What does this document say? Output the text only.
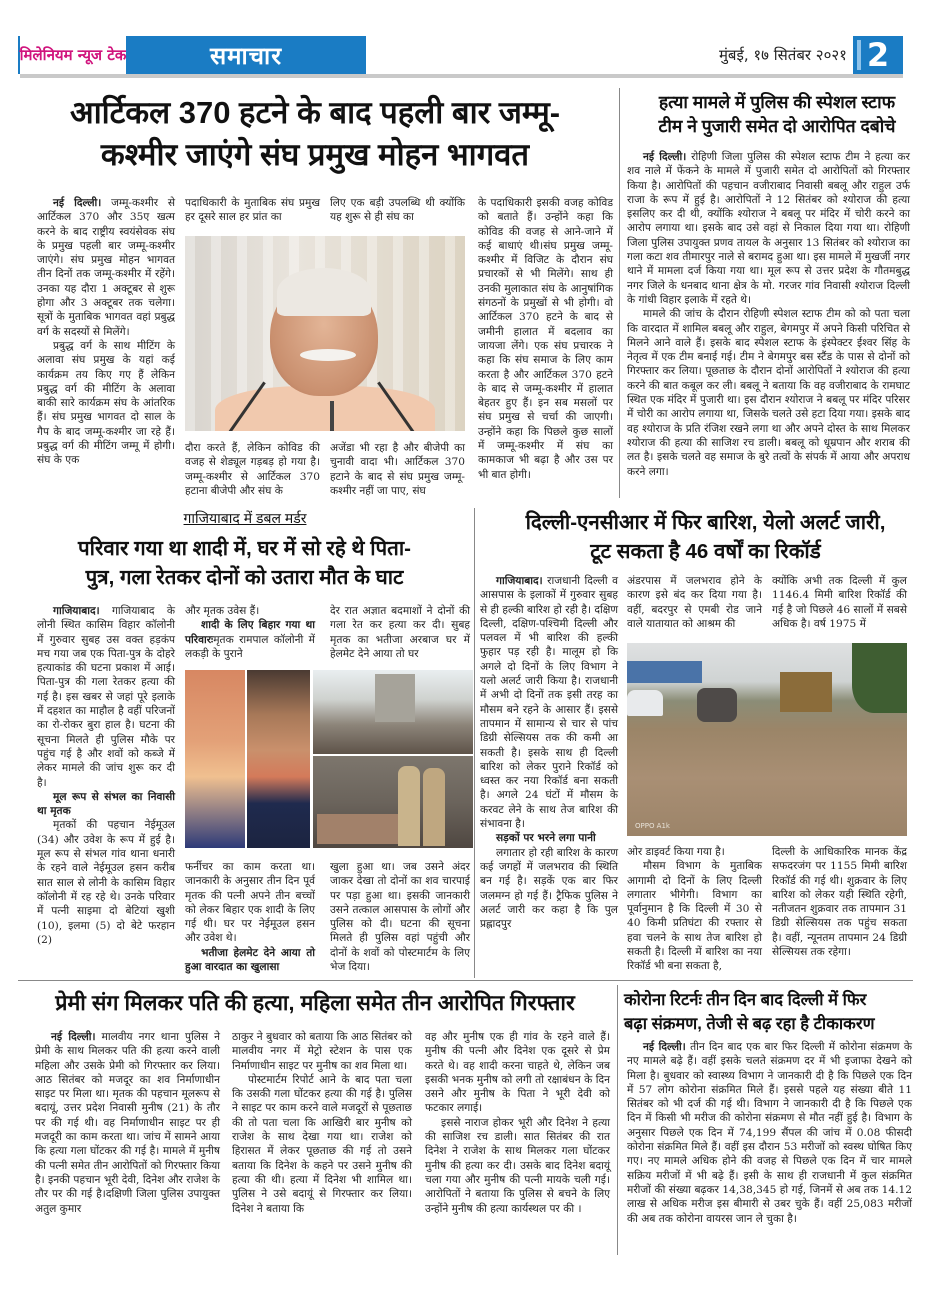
मिलेनियम न्यूज टेक	समाचार	मुंबई, १७ सितंबर २०२१ 2
आर्टिकल 370 हटने के बाद पहली बार जम्मू-
कश्मीर जाएंगे संघ प्रमुख मोहन भागवत

नई दिल्ली। जम्मू-कश्मीर से आर्टिकल 370 और 35ए खत्म करने के बाद राष्ट्रीय स्वयंसेवक संघ के प्रमुख पहली बार जम्मू-कश्मीर जाएंगे। संघ प्रमुख मोहन भागवत तीन दिनों तक जम्मू-कश्मीर में रहेंगे। उनका यह दौरा 1 अक्टूबर से शुरू होगा और 3 अक्टूबर तक चलेगा। सूत्रों के मुताबिक भागवत वहां प्रबुद्ध वर्ग के सदस्यों से मिलेंगे।

प्रबुद्ध वर्ग के साथ मीटिंग के अलावा संघ प्रमुख के यहां कई कार्यक्रम तय किए गए हैं लेकिन प्रबुद्ध वर्ग की मीटिंग के अलावा बाकी सारे कार्यक्रम संघ के आंतरिक हैं। संघ प्रमुख भागवत दो साल के गैप के बाद जम्मू-कश्मीर जा रहे हैं। प्रबुद्ध वर्ग की मीटिंग जम्मू में होगी। संघ के एक

पदाधिकारी के मुताबिक संघ प्रमुख हर दूसरे साल हर प्रांत का
लिए एक बड़ी उपलब्धि थी क्योंकि यह शुरू से ही संघ का
दौरा करते हैं, लेकिन कोविड की वजह से शेड्यूल गड़बड़ हो गया है। जम्मू-कश्मीर से आर्टिकल 370 हटाना बीजेपी और संघ के
अजेंडा भी रहा है और बीजेपी का चुनावी वादा भी। आर्टिकल 370 हटाने के बाद से संघ प्रमुख जम्मू-कश्मीर नहीं जा पाए, संघ
के पदाधिकारी इसकी वजह कोविड को बताते हैं। उन्होंने कहा कि कोविड की वजह से आने-जाने में कई बाधाएं थी।संघ प्रमुख जम्मू-कश्मीर में विजिट के दौरान संघ प्रचारकों से भी मिलेंगे। साथ ही उनकी मुलाकात संघ के आनुषांगिक संगठनों के प्रमुखों से भी होगी। वो आर्टिकल 370 हटने के बाद से जमीनी हालात में बदलाव का जायजा लेंगे। एक संघ प्रचारक ने कहा कि संघ समाज के लिए काम करता है और आर्टिकल 370 हटने के बाद से जम्मू-कश्मीर में हालात बेहतर हुए हैं। इन सब मसलों पर संघ प्रमुख से चर्चा की जाएगी। उन्होंने कहा कि पिछले कुछ सालों में जम्मू-कश्मीर में संघ का कामकाज भी बढ़ा है और उस पर भी बात होगी।
हत्या मामले में पुलिस की स्पेशल स्टाफ
टीम ने पुजारी समेत दो आरोपित दबोचे

नई दिल्ली। रोहिणी जिला पुलिस की स्पेशल स्टाफ टीम ने हत्या कर शव नाले में फेंकने के मामले में पुजारी समेत दो आरोपितों को गिरफ्तार किया है। आरोपितों की पहचान वजीराबाद निवासी बबलू और राहुल उर्फ राजा के रूप में हुई है। आरोपितों ने 12 सितंबर को श्योराज की हत्या इसलिए कर दी थी, क्योंकि श्योराज ने बबलू पर मंदिर में चोरी करने का आरोप लगाया था। इसके बाद उसे वहां से निकाल दिया गया था। रोहिणी जिला पुलिस उपायुक्त प्रणव तायल के अनुसार 13 सितंबर को श्योराज का गला कटा शव तीमारपुर नाले से बरामद हुआ था। इस मामले में मुखर्जी नगर थाने में मामला दर्ज किया गया था। मूल रूप से उत्तर प्रदेश के गौतमबुद्ध नगर जिले के धनबाद थाना क्षेत्र के मो. गरजर गांव निवासी श्योराज दिल्ली के गांधी विहार इलाके में रहते थे।

मामले की जांच के दौरान रोहिणी स्पेशल स्टाफ टीम को को पता चला कि वारदात में शामिल बबलू और राहुल, बेगमपुर में अपने किसी परिचित से मिलने आने वाले हैं। इसके बाद स्पेशल स्टाफ के इंस्पेक्टर ईश्वर सिंह के नेतृत्व में एक टीम बनाई गई। टीम ने बेगमपुर बस स्टैंड के पास से दोनों को गिरफ्तार कर लिया। पूछताछ के दौरान दोनों आरोपितों ने श्योराज की हत्या करने की बात कबूल कर ली। बबलू ने बताया कि वह वजीराबाद के रामघाट स्थित एक मंदिर में पुजारी था। इस दौरान श्योराज ने बबलू पर मंदिर परिसर में चोरी का आरोप लगाया था, जिसके चलते उसे हटा दिया गया। इसके बाद वह श्योराज के प्रति रंजिश रखने लगा था और अपने दोस्त के साथ मिलकर श्योराज की हत्या की साजिश रच डाली। बबलू को धूम्रपान और शराब की लत है। इसके चलते वह समाज के बुरे तत्वों के संपर्क में आया और अपराध करने लगा।

गाजियाबाद में डबल मर्डर
परिवार गया था शादी में, घर में सो रहे थे पिता-
पुत्र, गला रेतकर दोनों को उतारा मौत के घाट

गाजियाबाद। गाजियाबाद के लोनी स्थित कासिम विहार कॉलोनी में गुरुवार सुबह उस वक्त हड़कंप मच गया जब एक पिता-पुत्र के दोहरे हत्याकांड की घटना प्रकाश में आई। पिता-पुत्र की गला रेतकर हत्या की गई है। इस खबर से जहां पूरे इलाके में दहशत का माहौल है वहीं परिजनों का रो-रोकर बुरा हाल है। घटना की सूचना मिलते ही पुलिस मौके पर पहुंच गई है और शवों को कब्जे में लेकर मामले की जांच शुरू कर दी है।

मूल रूप से संभल का निवासी था मृतक

मृतकों की पहचान नेईमूउल (34) और उवेश के रूप में हुई है। मूल रूप से संभल गांव थाना धनारी के रहने वाले नेईमूउल हसन करीब सात साल से लोनी के कासिम विहार कॉलोनी में रह रहे थे। उनके परिवार में पत्नी साइमा दो बेटियां खुशी (10), इलमा (5) दो बेटे फरहान (2)

और मृतक उवेस हैं।

शादी के लिए बिहार गया था परिवारःमृतक रामपाल कॉलोनी में लकड़ी के पुराने

देर रात अज्ञात बदमाशों ने दोनों की गला रेत कर हत्या कर दी। सुबह मृतक का भतीजा अरबाज घर में हेलमेट देने आया तो घर
फर्नीचर का काम करता था। जानकारी के अनुसार तीन दिन पूर्व मृतक की पत्नी अपने तीन बच्चों को लेकर बिहार एक शादी के लिए गई थी। घर पर नेईमूउल हसन और उवेश थे।

भतीजा हेलमेट देने आया तो हुआ वारदात का खुलासा

खुला हुआ था। जब उसने अंदर जाकर देखा तो दोनों का शव चारपाई पर पड़ा हुआ था। इसकी जानकारी उसने तत्काल आसपास के लोगों और पुलिस को दी। घटना की सूचना मिलते ही पुलिस वहां पहुंची और दोनों के शवों को पोस्टमार्टम के लिए भेज दिया।
दिल्ली-एनसीआर में फिर बारिश, येलो अलर्ट जारी,
टूट सकता है 46 वर्षों का रिकॉर्ड

गाजियाबाद। राजधानी दिल्ली व आसपास के इलाकों में गुरुवार सुबह से ही हल्की बारिश हो रही है। दक्षिण दिल्ली, दक्षिण-पश्चिमी दिल्ली और पलवल में भी बारिश की हल्की फुहार पड़ रही है। मालूम हो कि अगले दो दिनों के लिए विभाग ने यलो अलर्ट जारी किया है। राजधानी में अभी दो दिनों तक इसी तरह का मौसम बने रहने के आसार हैं। इससे तापमान में सामान्य से चार से पांच डिग्री सेल्सियस तक की कमी आ सकती है। इसके साथ ही दिल्ली बारिश को लेकर पुराने रिकॉर्ड को ध्वस्त कर नया रिकॉर्ड बना सकती है। अगले 24 घंटों में मौसम के करवट लेने के साथ तेज बारिश की संभावना है।

सड़कों पर भरने लगा पानी

लगातार हो रही बारिश के कारण कई जगहों में जलभराव की स्थिति बन गई है। सड़कें एक बार फिर जलमग्न हो गई हैं। ट्रैफिक पुलिस ने अलर्ट जारी कर कहा है कि पुल प्रह्लादपुर

अंडरपास में जलभराव होने के कारण इसे बंद कर दिया गया है। वहीं, बदरपुर से एमबी रोड जाने वाले यातायात को आश्रम की
क्योंकि अभी तक दिल्ली में कुल 1146.4 मिमी बारिश रिकॉर्ड की गई है जो पिछले 46 सालों में सबसे अधिक है। वर्ष 1975 में
OPPO A1k
ओर डाइवर्ट किया गया है।

मौसम विभाग के मुताबिक आगामी दो दिनों के लिए दिल्ली लगातार भीगेगी। विभाग का पूर्वानुमान है कि दिल्ली में 30 से 40 किमी प्रतिघंटा की रफ्तार से हवा चलने के साथ तेज बारिश हो सकती है। दिल्ली में बारिश का नया रिकॉर्ड भी बना सकता है,

दिल्ली के आधिकारिक मानक केंद्र सफदरजंग पर 1155 मिमी बारिश रिकॉर्ड की गई थी। शुक्रवार के लिए बारिश को लेकर यही स्थिति रहेगी, नतीजतन शुक्रवार तक तापमान 31 डिग्री सेल्सियस तक पहुंच सकता है। वहीं, न्यूनतम तापमान 24 डिग्री सेल्सियस तक रहेगा।
प्रेमी संग मिलकर पति की हत्या, महिला समेत तीन आरोपित गिरफ्तार

नई दिल्ली। मालवीय नगर थाना पुलिस ने प्रेमी के साथ मिलकर पति की हत्या करने वाली महिला और उसके प्रेमी को गिरफ्तार कर लिया। आठ सितंबर को मजदूर का शव निर्माणाधीन साइट पर मिला था। मृतक की पहचान मूलरूप से बदायूं, उत्तर प्रदेश निवासी मुनीष (21) के तौर पर की गई थी। वह निर्माणाधीन साइट पर ही मजदूरी का काम करता था। जांच में सामने आया कि हत्या गला घोंटकर की गई है। मामले में मुनीष की पत्नी समेत तीन आरोपितों को गिरफ्तार किया है। इनकी पहचान भूरी देवी, दिनेश और राजेश के तौर पर की गई है।दक्षिणी जिला पुलिस उपायुक्त अतुल कुमार

ठाकुर ने बुधवार को बताया कि आठ सितंबर को मालवीय नगर में मेट्रो स्टेशन के पास एक निर्माणाधीन साइट पर मुनीष का शव मिला था।

पोस्टमार्टम रिपोर्ट आने के बाद पता चला कि उसकी गला घोंटकर हत्या की गई है। पुलिस ने साइट पर काम करने वाले मजदूरों से पूछताछ की तो पता चला कि आखिरी बार मुनीष को राजेश के साथ देखा गया था। राजेश को हिरासत में लेकर पूछताछ की गई तो उसने बताया कि दिनेश के कहने पर उसने मुनीष की हत्या की थी। हत्या में दिनेश भी शामिल था। पुलिस ने उसे बदायूं से गिरफ्तार कर लिया। दिनेश ने बताया कि

वह और मुनीष एक ही गांव के रहने वाले हैं। मुनीष की पत्नी और दिनेश एक दूसरे से प्रेम करते थे। वह शादी करना चाहते थे, लेकिन जब इसकी भनक मुनीष को लगी तो रक्षाबंधन के दिन उसने और मुनीष के पिता ने भूरी देवी को फटकार लगाई।

इससे नाराज होकर भूरी और दिनेश ने हत्या की साजिश रच डाली। सात सितंबर की रात दिनेश ने राजेश के साथ मिलकर गला घोंटकर मुनीष की हत्या कर दी। उसके बाद दिनेश बदायूं चला गया और मुनीष की पत्नी मायके चली गई। आरोपितों ने बताया कि पुलिस से बचने के लिए उन्होंने मुनीष की हत्या कार्यस्थल पर की ।

कोरोना रिटर्नः तीन दिन बाद दिल्ली में फिर
बढ़ा संक्रमण, तेजी से बढ़ रहा है टीकाकरण

नई दिल्ली। तीन दिन बाद एक बार फिर दिल्ली में कोरोना संक्रमण के नए मामले बढ़े हैं। वहीं इसके चलते संक्रमण दर में भी इजाफा देखने को मिला है। बुधवार को स्वास्थ्य विभाग ने जानकारी दी है कि पिछले एक दिन में 57 लोग कोरोना संक्रमित मिले हैं। इससे पहले यह संख्या बीते 11 सितंबर को भी दर्ज की गई थी। विभाग ने जानकारी दी है कि पिछले एक दिन में किसी भी मरीज की कोरोना संक्रमण से मौत नहीं हुई है। विभाग के अनुसार पिछले एक दिन में 74,199 सैंपल की जांच में 0.08 फीसदी कोरोना संक्रमित मिले हैं। वहीं इस दौरान 53 मरीजों को स्वस्थ घोषित किए गए। नए मामले अधिक होने की वजह से पिछले एक दिन में चार मामले सक्रिय मरीजों में भी बढ़े हैं। इसी के साथ ही राजधानी में कुल संक्रमित मरीजों की संख्या बढ़कर 14,38,345 हो गई, जिनमें से अब तक 14.12 लाख से अधिक मरीज इस बीमारी से उबर चुके हैं। वहीं 25,083 मरीजों की अब तक कोरोना वायरस जान ले चुका है।
